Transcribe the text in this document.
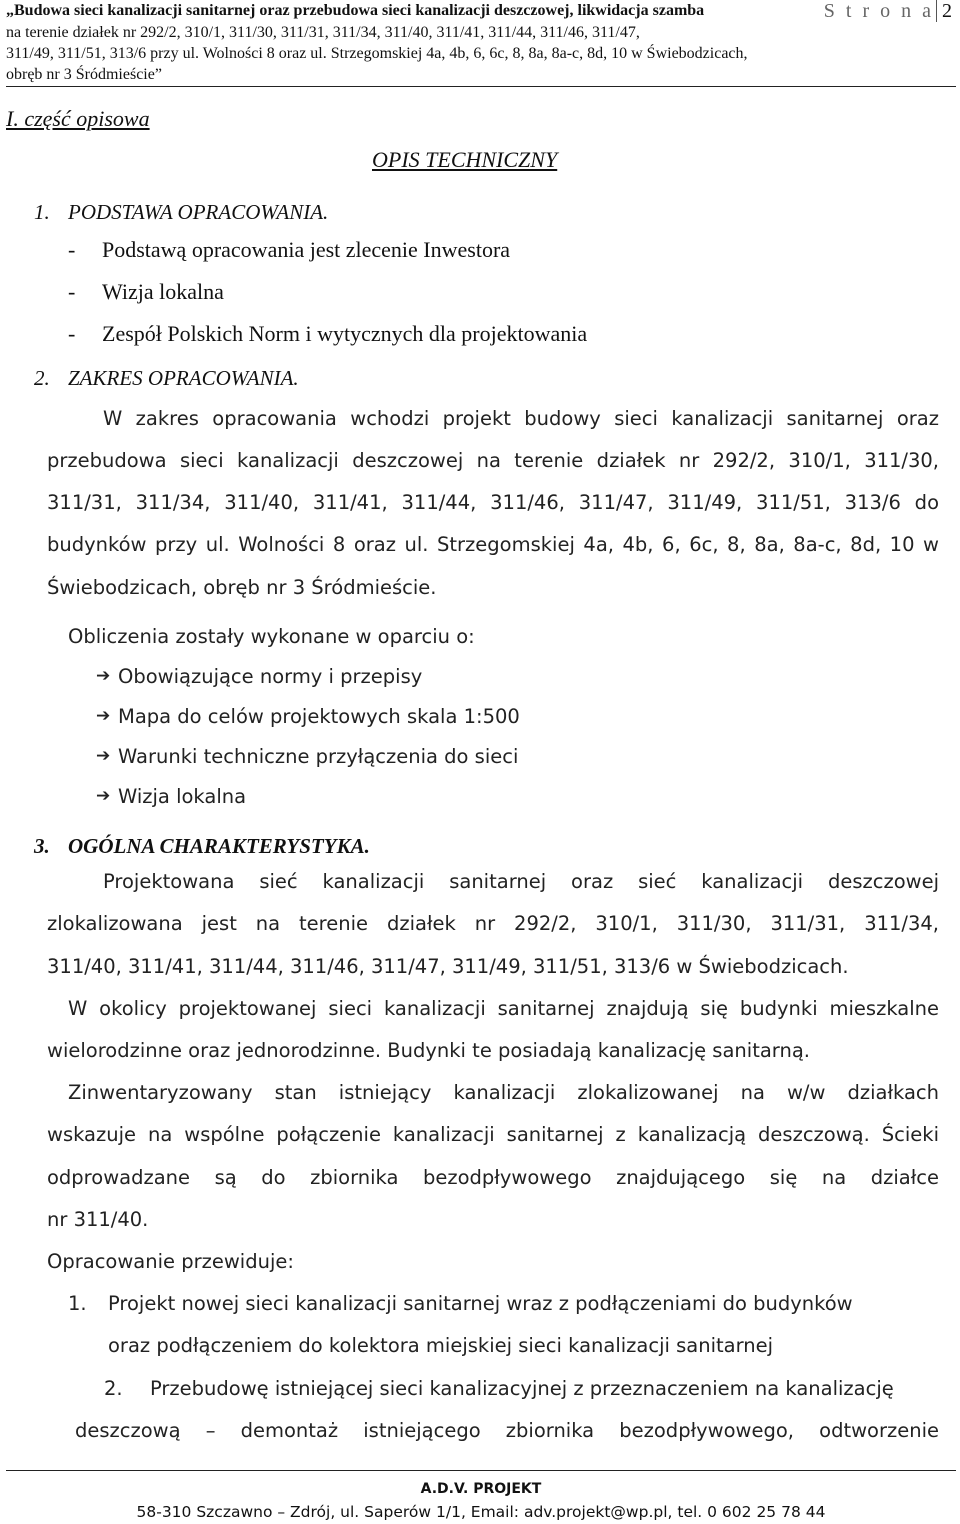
„Budowa sieci kanalizacji sanitarnej oraz przebudowa sieci kanalizacji deszczowej, likwidacja szamba
na terenie działek nr 292/2, 310/1, 311/30, 311/31, 311/34, 311/40, 311/41, 311/44, 311/46, 311/47,
311/49, 311/51, 313/6 przy ul. Wolności 8 oraz ul. Strzegomskiej 4a, 4b, 6, 6c, 8, 8a, 8a-c, 8d, 10 w Świebodzicach,
obręb nr 3 Śródmieście”
S t r o n a 2
I. część opisowa
OPIS TECHNICZNY
1. PODSTAWA OPRACOWANIA.
- Podstawą opracowania jest zlecenie Inwestora
- Wizja lokalna
- Zespół Polskich Norm i wytycznych dla projektowania
2. ZAKRES OPRACOWANIA.
W zakres opracowania wchodzi projekt budowy sieci kanalizacji sanitarnej oraz
przebudowa sieci kanalizacji deszczowej na terenie działek nr 292/2, 310/1, 311/30,
311/31, 311/34, 311/40, 311/41, 311/44, 311/46, 311/47, 311/49, 311/51, 313/6 do
budynków przy ul. Wolności 8 oraz ul. Strzegomskiej 4a, 4b, 6, 6c, 8, 8a, 8a-c, 8d, 10 w
Świebodzicach, obręb nr 3 Śródmieście.
Obliczenia zostały wykonane w oparciu o:
➔ Obowiązujące normy i przepisy
➔ Mapa do celów projektowych skala 1:500
➔ Warunki techniczne przyłączenia do sieci
➔ Wizja lokalna
3. OGÓLNA CHARAKTERYSTYKA.
Projektowana sieć kanalizacji sanitarnej oraz sieć kanalizacji deszczowej
zlokalizowana jest na terenie działek nr 292/2, 310/1, 311/30, 311/31, 311/34,
311/40, 311/41, 311/44, 311/46, 311/47, 311/49, 311/51, 313/6 w Świebodzicach.
W okolicy projektowanej sieci kanalizacji sanitarnej znajdują się budynki mieszkalne
wielorodzinne oraz jednorodzinne. Budynki te posiadają kanalizację sanitarną.
Zinwentaryzowany stan istniejący kanalizacji zlokalizowanej na w/w działkach
wskazuje na wspólne połączenie kanalizacji sanitarnej z kanalizacją deszczową. Ścieki
odprowadzane są do zbiornika bezodpływowego znajdującego się na działce
nr 311/40.
Opracowanie przewiduje:
1. Projekt nowej sieci kanalizacji sanitarnej wraz z podłączeniami do budynków
oraz podłączeniem do kolektora miejskiej sieci kanalizacji sanitarnej
2. Przebudowę istniejącej sieci kanalizacyjnej z przeznaczeniem na kanalizację
deszczową – demontaż istniejącego zbiornika bezodpływowego, odtworzenie
A.D.V. PROJEKT
58-310 Szczawno – Zdrój, ul. Saperów 1/1, Email: adv.projekt@wp.pl, tel. 0 602 25 78 44
